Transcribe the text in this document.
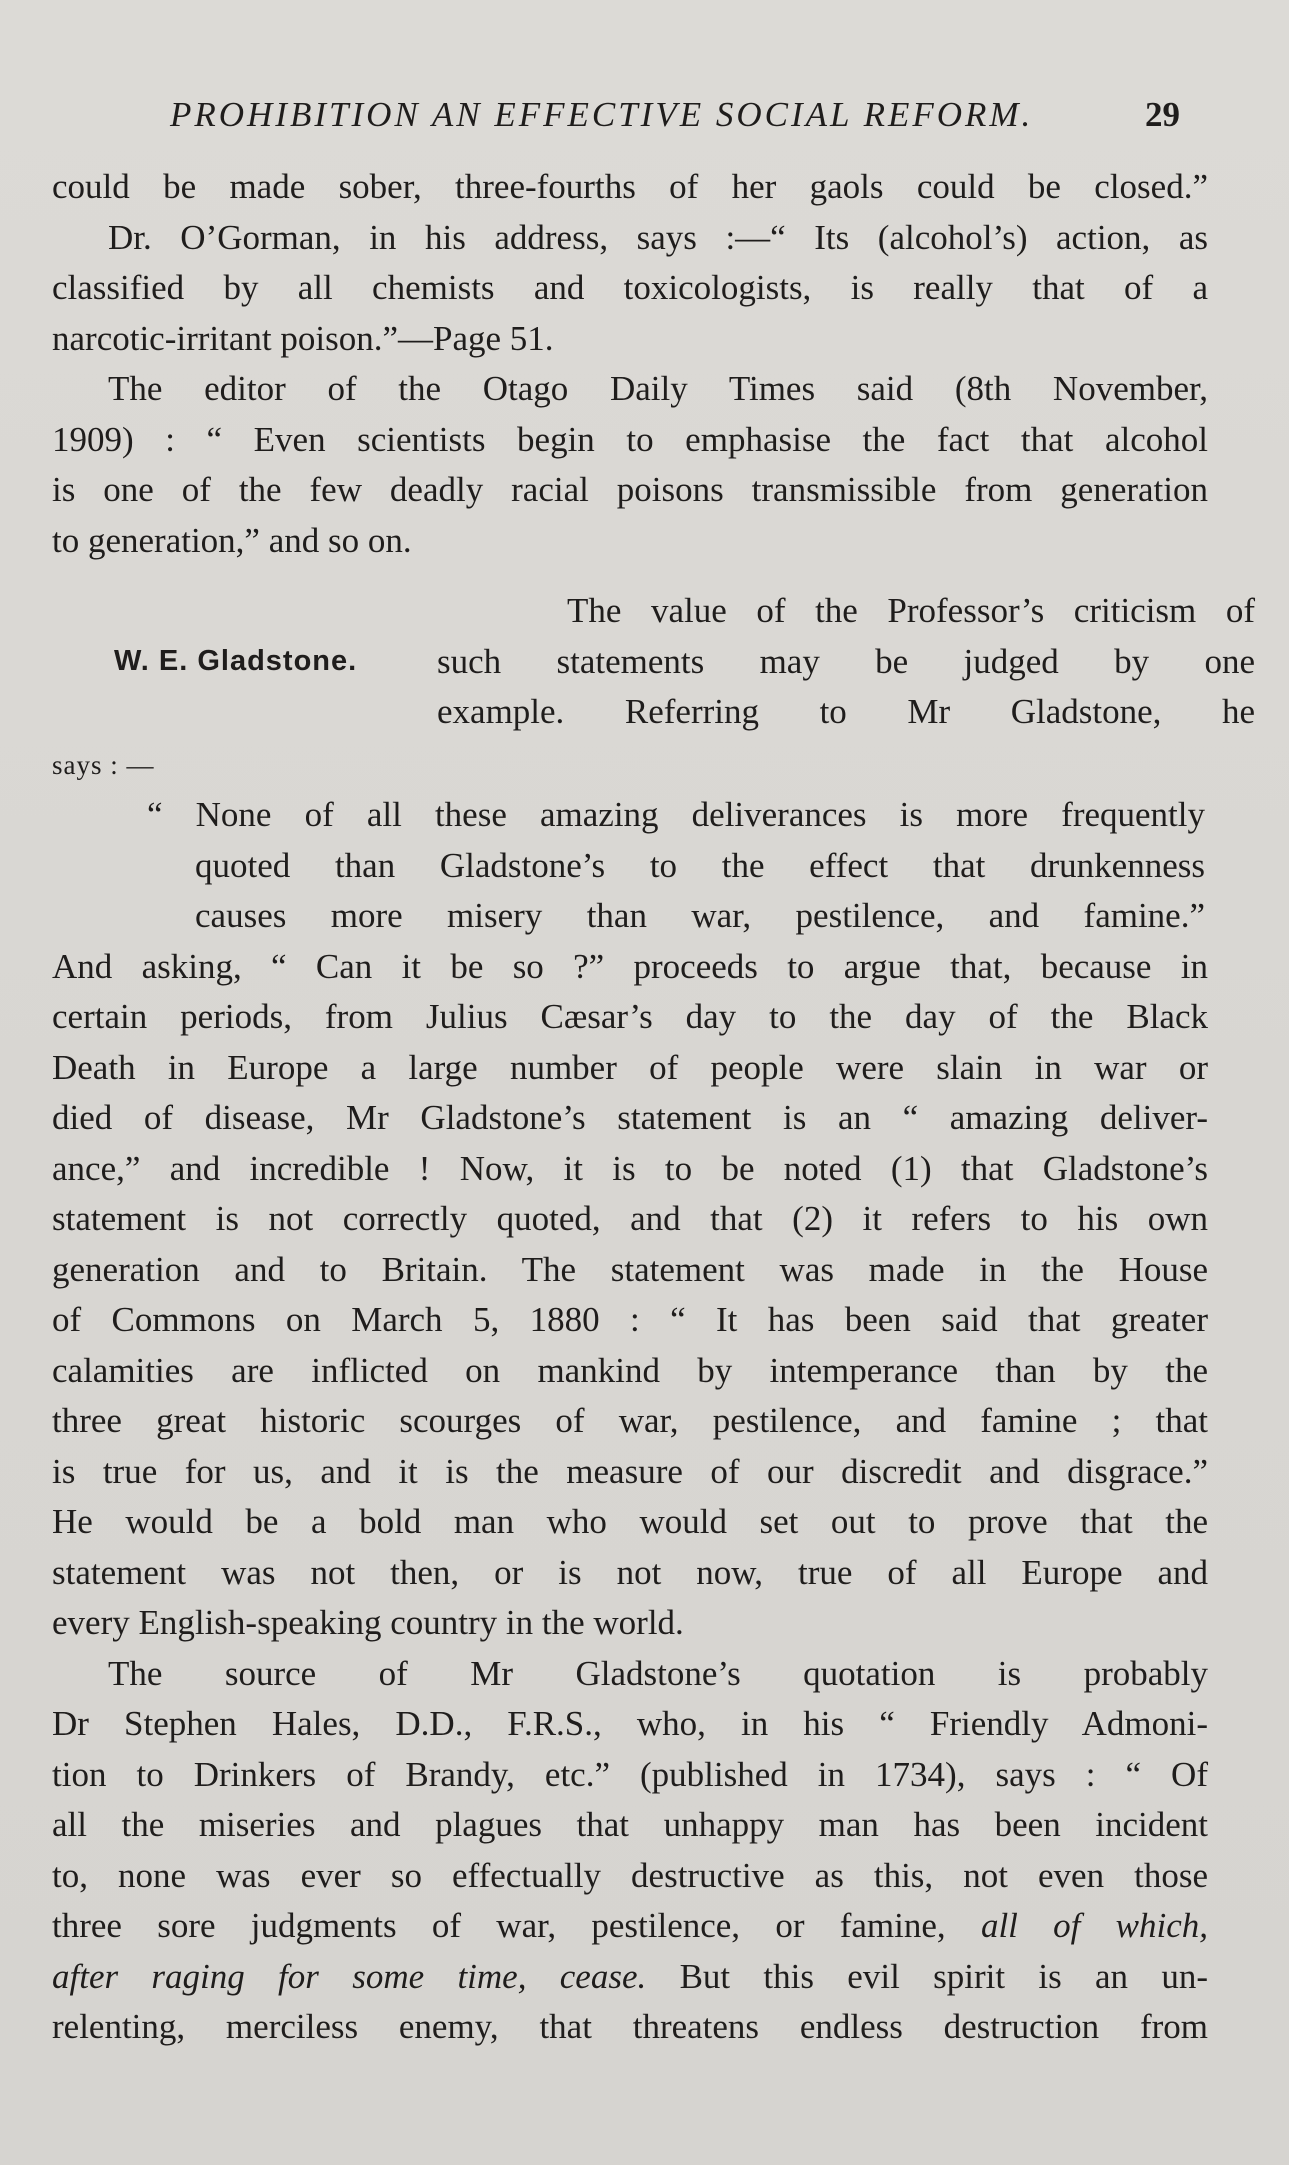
PROHIBITION AN EFFECTIVE SOCIAL REFORM.	29
could be made sober, three-fourths of her gaols could be closed.”
Dr. O’Gorman, in his address, says :—“ Its (alcohol’s) action, as
classified by all chemists and toxicologists, is really that of a
narcotic-irritant poison.”—Page 51.
The editor of the Otago Daily Times said (8th November,
1909) : “ Even scientists begin to emphasise the fact that alcohol
is one of the few deadly racial poisons transmissible from generation
to generation,” and so on.
W. E. Gladstone.
The value of the Professor’s criticism of
such statements may be judged by one
example. Referring to Mr Gladstone, he
says : —
“ None of all these amazing deliverances is more frequently
quoted than Gladstone’s to the effect that drunkenness
causes more misery than war, pestilence, and famine.”
And asking, “ Can it be so ?” proceeds to argue that, because in
certain periods, from Julius Cæsar’s day to the day of the Black
Death in Europe a large number of people were slain in war or
died of disease, Mr Gladstone’s statement is an “ amazing deliver-
ance,” and incredible ! Now, it is to be noted (1) that Gladstone’s
statement is not correctly quoted, and that (2) it refers to his own
generation and to Britain. The statement was made in the House
of Commons on March 5, 1880 : “ It has been said that greater
calamities are inflicted on mankind by intemperance than by the
three great historic scourges of war, pestilence, and famine ; that
is true for us, and it is the measure of our discredit and disgrace.”
He would be a bold man who would set out to prove that the
statement was not then, or is not now, true of all Europe and
every English-speaking country in the world.
The source of Mr Gladstone’s quotation is probably
Dr Stephen Hales, D.D., F.R.S., who, in his “ Friendly Admoni-
tion to Drinkers of Brandy, etc.” (published in 1734), says : “ Of
all the miseries and plagues that unhappy man has been incident
to, none was ever so effectually destructive as this, not even those
three sore judgments of war, pestilence, or famine, all of which,
after raging for some time, cease. But this evil spirit is an un-
relenting, merciless enemy, that threatens endless destruction from
